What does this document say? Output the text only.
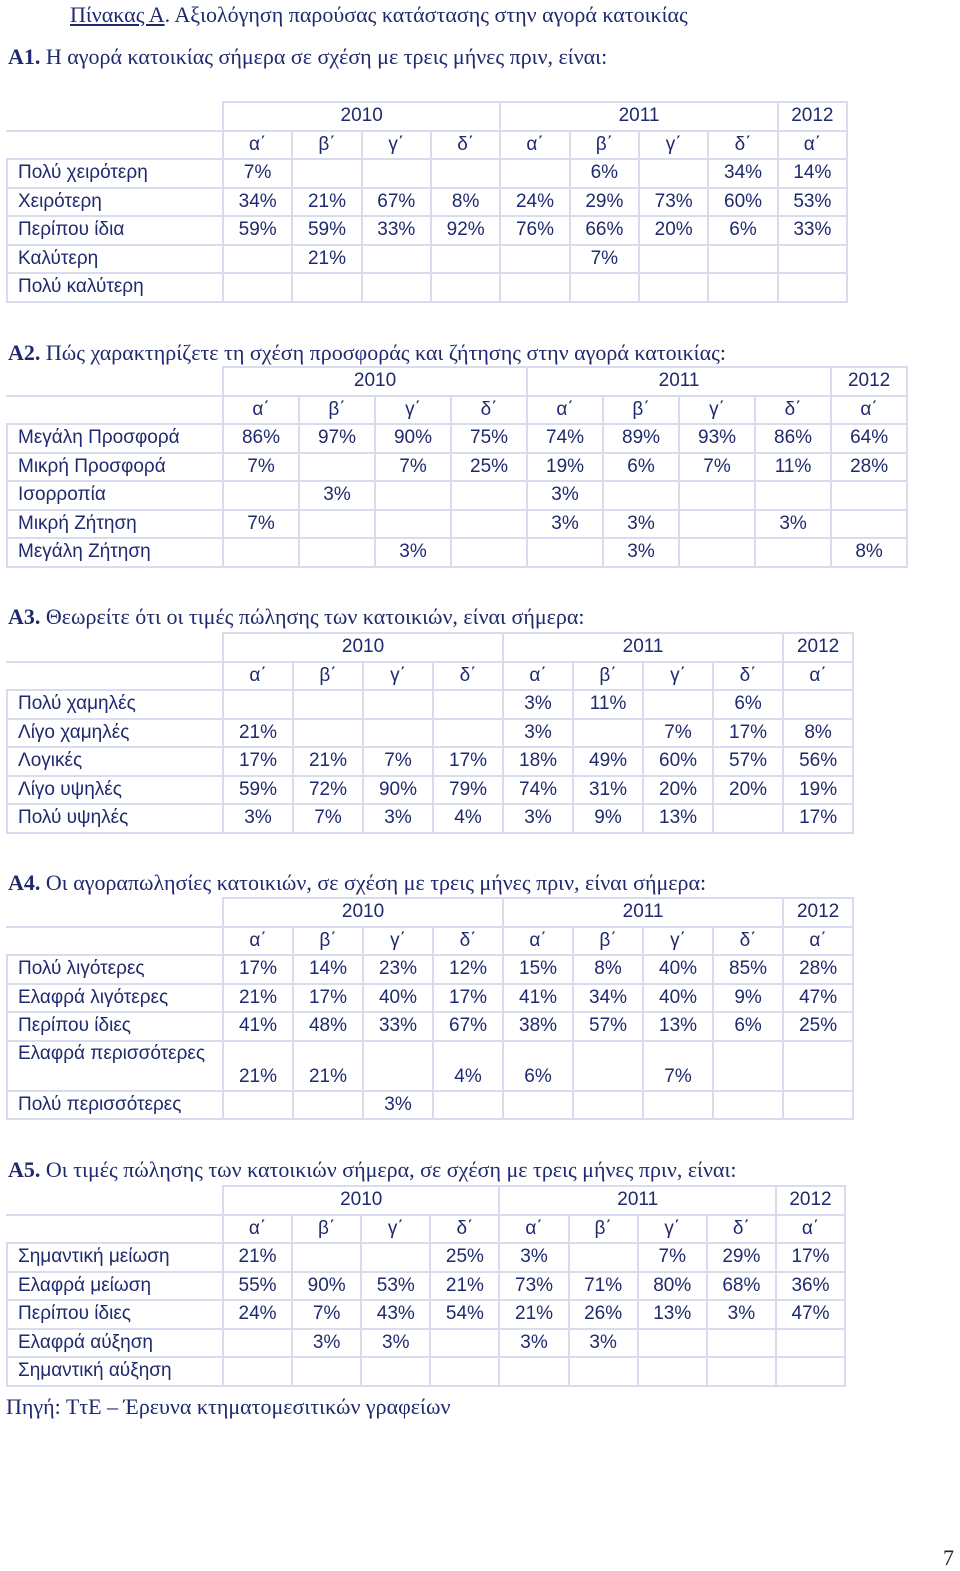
Πίνακας Α. Αξιολόγηση παρούσας κατάστασης στην αγορά κατοικίας
Α1. Η αγορά κατοικίας σήμερα σε σχέση με τρεις μήνες πριν, είναι:
	2010				2011				2012
	α΄	β΄	γ΄	δ΄	α΄	β΄	γ΄	δ΄	α΄
Πολύ χειρότερη	7%					6%		34%	14%
Χειρότερη	34%	21%	67%	8%	24%	29%	73%	60%	53%
Περίπου ίδια	59%	59%	33%	92%	76%	66%	20%	6%	33%
Καλύτερη		21%				7%			
Πολύ καλύτερη									
Α2. Πώς χαρακτηρίζετε τη σχέση προσφοράς και ζήτησης στην αγορά κατοικίας:
	2010				2011				2012
	α΄	β΄	γ΄	δ΄	α΄	β΄	γ΄	δ΄	α΄
Μεγάλη Προσφορά	86%	97%	90%	75%	74%	89%	93%	86%	64%
Μικρή Προσφορά	7%		7%	25%	19%	6%	7%	11%	28%
Ισορροπία		3%			3%				
Μικρή Ζήτηση	7%				3%	3%		3%	
Μεγάλη Ζήτηση			3%			3%			8%
Α3. Θεωρείτε ότι οι τιμές πώλησης των κατοικιών, είναι σήμερα:
	2010				2011				2012
	α΄	β΄	γ΄	δ΄	α΄	β΄	γ΄	δ΄	α΄
Πολύ χαμηλές					3%	11%		6%	
Λίγο χαμηλές	21%				3%		7%	17%	8%
Λογικές	17%	21%	7%	17%	18%	49%	60%	57%	56%
Λίγο υψηλές	59%	72%	90%	79%	74%	31%	20%	20%	19%
Πολύ υψηλές	3%	7%	3%	4%	3%	9%	13%		17%
Α4. Οι αγοραπωλησίες κατοικιών, σε σχέση με τρεις μήνες πριν, είναι σήμερα:
	2010				2011				2012
	α΄	β΄	γ΄	δ΄	α΄	β΄	γ΄	δ΄	α΄
Πολύ λιγότερες	17%	14%	23%	12%	15%	8%	40%	85%	28%
Ελαφρά λιγότερες	21%	17%	40%	17%	41%	34%	40%	9%	47%
Περίπου ίδιες	41%	48%	33%	67%	38%	57%	13%	6%	25%
Ελαφρά περισσότερες	21%	21%		4%	6%		7%		
Πολύ περισσότερες			3%						
Α5. Οι τιμές πώλησης των κατοικιών σήμερα, σε σχέση με τρεις μήνες πριν, είναι:
	2010				2011				2012
	α΄	β΄	γ΄	δ΄	α΄	β΄	γ΄	δ΄	α΄
Σημαντική μείωση	21%			25%	3%		7%	29%	17%
Ελαφρά μείωση	55%	90%	53%	21%	73%	71%	80%	68%	36%
Περίπου ίδιες	24%	7%	43%	54%	21%	26%	13%	3%	47%
Ελαφρά αύξηση		3%	3%		3%	3%			
Σημαντική αύξηση									
Πηγή: ΤτΕ – Έρευνα κτηματομεσιτικών γραφείων
7
